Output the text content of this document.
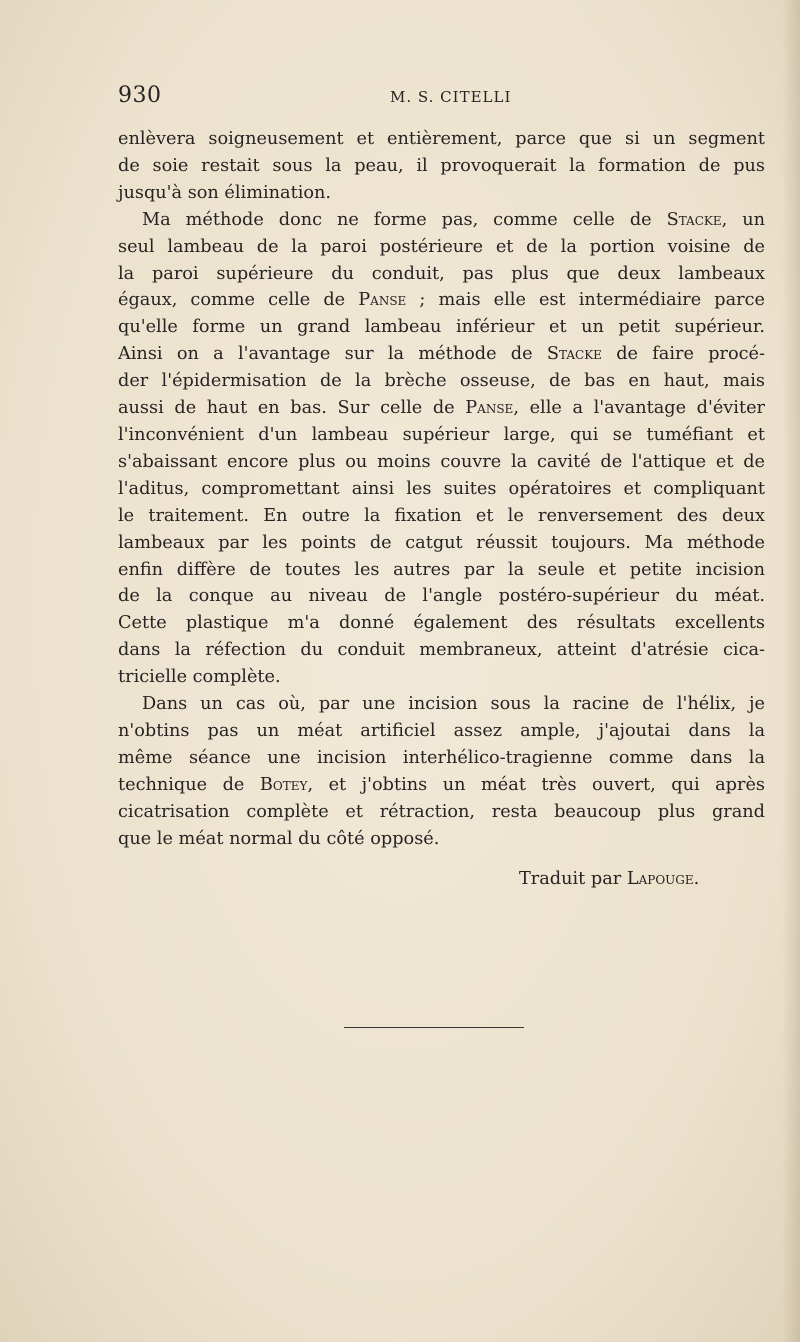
930	M. S. CITELLI

enlèvera soigneusement et entièrement, parce que si un segment
de soie restait sous la peau, il provoquerait la formation de pus
jusqu'à son élimination.

Ma méthode donc ne forme pas, comme celle de Stacke, un
seul lambeau de la paroi postérieure et de la portion voisine de
la paroi supérieure du conduit, pas plus que deux lambeaux
égaux, comme celle de Panse ; mais elle est intermédiaire parce
qu'elle forme un grand lambeau inférieur et un petit supérieur.
Ainsi on a l'avantage sur la méthode de Stacke de faire procé-
der l'épidermisation de la brèche osseuse, de bas en haut, mais
aussi de haut en bas. Sur celle de Panse, elle a l'avantage d'éviter
l'inconvénient d'un lambeau supérieur large, qui se tuméfiant et
s'abaissant encore plus ou moins couvre la cavité de l'attique et de
l'aditus, compromettant ainsi les suites opératoires et compliquant
le traitement. En outre la fixation et le renversement des deux
lambeaux par les points de catgut réussit toujours. Ma méthode
enfin diffère de toutes les autres par la seule et petite incision
de la conque au niveau de l'angle postéro-supérieur du méat.
Cette plastique m'a donné également des résultats excellents
dans la réfection du conduit membraneux, atteint d'atrésie cica-
tricielle complète.

Dans un cas où, par une incision sous la racine de l'hélix, je
n'obtins pas un méat artificiel assez ample, j'ajoutai dans la
même séance une incision interhélico-tragienne comme dans la
technique de Botey, et j'obtins un méat très ouvert, qui après
cicatrisation complète et rétraction, resta beaucoup plus grand
que le méat normal du côté opposé.

Traduit par Lapouge.
